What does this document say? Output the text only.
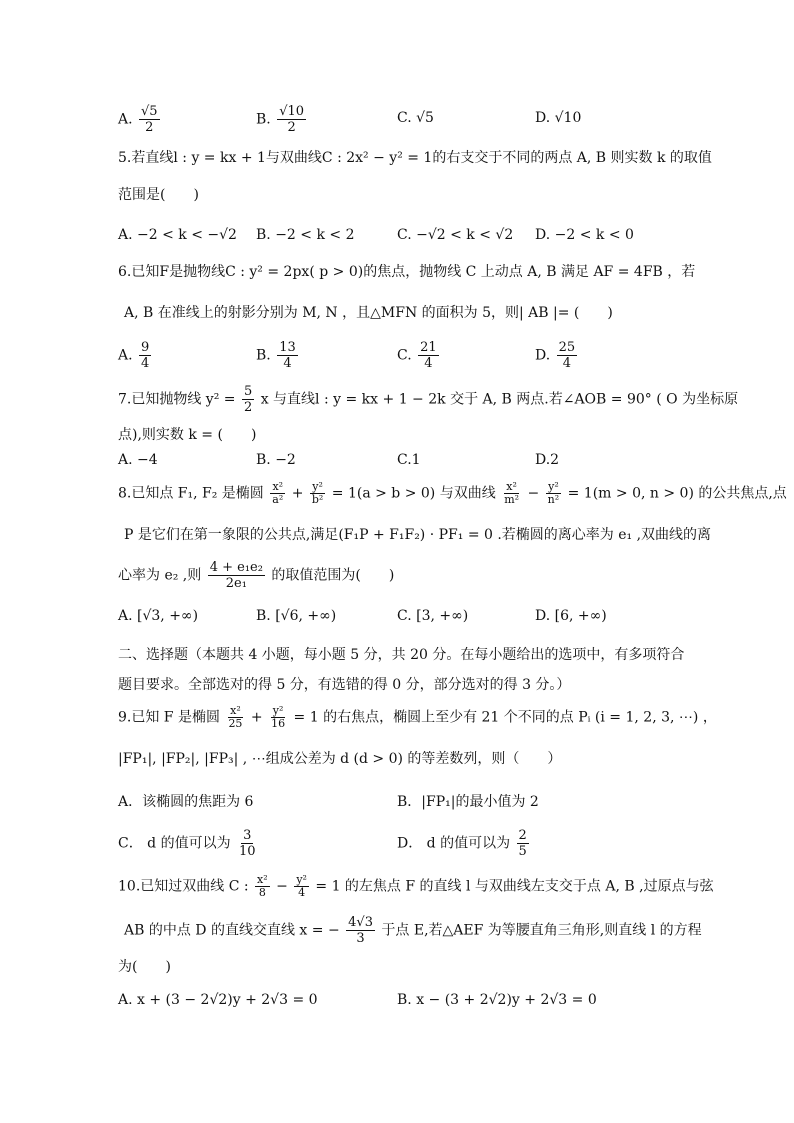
A. $\frac{√5}{2}$	B. $\frac{√10}{2}$	C. √5	D. √10
5.若直线l : y = kx + 1与双曲线C : 2x² − y² = 1的右支交于不同的两点 A, B 则实数 k 的取值
范围是(　　)
A. −2 < k < −√2 B. −2 < k < 2	C. −√2 < k < √2 D. −2 < k < 0
6.已知F是抛物线C : y² = 2px( p > 0)的焦点，抛物线 C 上动点 A, B 满足 AF = 4FB ，若
A, B 在准线上的射影分别为 M, N ，且△MFN 的面积为 5，则| AB |= (　　)
A. $\frac{9}{4}$	B. $\frac{13}{4}$	C. $\frac{21}{4}$	D. $\frac{25}{4}$
7.已知抛物线 $y^2 = \frac{5}{2}$ x 与直线l : y = kx + 1 − 2k 交于 A, B 两点.若∠AOB = 90° ( O 为坐标原
点),则实数 k = (　　)
A. −4	B. −2	C.1	D.2
8.已知点 F₁, F₂ 是椭圆 $\frac{\text{x²}}{\text{a²}} + \frac{\text{y²}}{\text{b²}} = 1(a > b > 0)$ 与双曲线 $\frac{\text{x²}}{\text{m²}} - \frac{\text{y²}}{\text{n²}} = 1(m > 0$, n > 0) 的公共焦点,点
P 是它们在第一象限的公共点,满足(F₁P + F₁F₂) · PF₁ = 0 .若椭圆的离心率为 e₁ ,双曲线的离
心率为 e₂ ,则 $\frac{\text{4 + e₁e₂}}{\text{2e₁}}$ 的取值范围为(　　)
A. [√3, +∞)	B. [√6, +∞)	C. [3, +∞)	D. [6, +∞)
二、选择题（本题共 4 小题，每小题 5 分，共 20 分。在每小题给出的选项中，有多项符合
题目要求。全部选对的得 5 分，有选错的得 0 分，部分选对的得 3 分。）
9.已知 F 是椭圆 $\frac{\text{x²}}{25} + \frac{\text{y²}}{16} = 1$ 的右焦点，椭圆上至少有 21 个不同的点 Pᵢ (i = 1, 2, 3, ⋯) ，
|FP₁|, |FP₂|, |FP₃| , ⋯组成公差为 d (d > 0) 的等差数列，则（　　）
A．该椭圆的焦距为 6	B．|FP₁|的最小值为 2
C． d 的值可以为 $\frac{3}{10}$	D． d 的值可以为 $\frac{2}{5}$
10.已知过双曲线 C : $\frac{\text{x²}}{8} - \frac{\text{y²}}{4} = 1$ 的左焦点 F 的直线 l 与双曲线左支交于点 A, B ,过原点与弦
AB 的中点 D 的直线交直线 x = − $\frac{4√3}{3}$ 于点 E,若△AEF 为等腰直角三角形,则直线 l 的方程
为(　　)
A. x + (3 − 2√2)y + 2√3 = 0	B. x − (3 + 2√2)y + 2√3 = 0
